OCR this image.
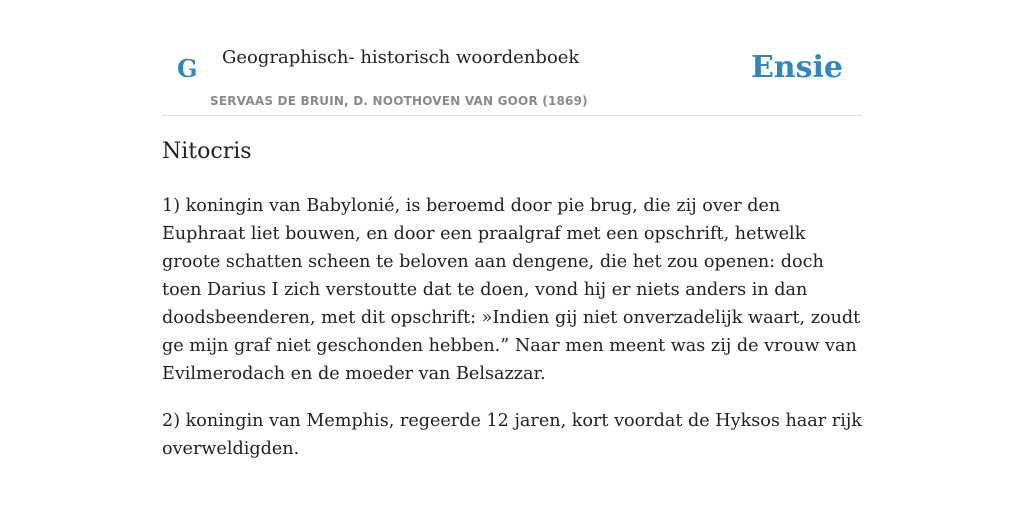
G Geographisch- historisch woordenboek
SERVAAS DE BRUIN, D. NOOTHOVEN VAN GOOR (1869)
Ensie
Nitocris

1) koningin van Babylonié, is beroemd door pie brug, die zij over den Euphraat liet bouwen, en door een praalgraf met een opschrift, hetwelk groote schatten scheen te beloven aan dengene, die het zou openen: doch toen Darius I zich verstoutte dat te doen, vond hij er niets anders in dan doodsbeenderen, met dit opschrift: »Indien gij niet onverzadelijk waart, zoudt ge mijn graf niet geschonden hebben.” Naar men meent was zij de vrouw van Evilmerodach en de moeder van Belsazzar.

2) koningin van Memphis, regeerde 12 jaren, kort voordat de Hyksos haar rijk overweldigden.
